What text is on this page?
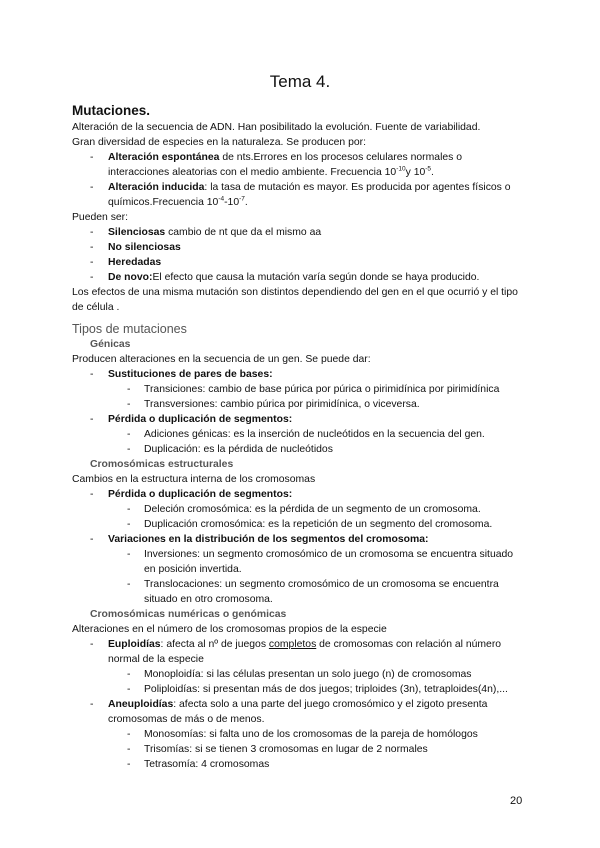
Tema 4.
Mutaciones.
Alteración de la secuencia de ADN. Han posibilitado la evolución. Fuente de variabilidad.
Gran diversidad de especies en la naturaleza. Se producen por:
- Alteración espontánea de nts.Errores en los procesos celulares normales o interacciones aleatorias con el medio ambiente. Frecuencia $10^{-10}y$ $10^{-5}$.
- Alteración inducida: la tasa de mutación es mayor. Es producida por agentes físicos o químicos.Frecuencia $10^{-4}-10^{-7}$.
Pueden ser:
- Silenciosas cambio de nt que da el mismo aa
- No silenciosas
- Heredadas
- De novo:El efecto que causa la mutación varía según donde se haya producido.
Los efectos de una misma mutación son distintos dependiendo del gen en el que ocurrió y el tipo de célula .
Tipos de mutaciones
Génicas
Producen alteraciones en la secuencia de un gen. Se puede dar:
- Sustituciones de pares de bases:
- Transiciones: cambio de base púrica por púrica o pirimidínica por pirimidínica
- Transversiones: cambio púrica por pirimidínica, o viceversa.
- Pérdida o duplicación de segmentos:
- Adiciones génicas: es la inserción de nucleótidos en la secuencia del gen.
- Duplicación: es la pérdida de nucleótidos
Cromosómicas estructurales
Cambios en la estructura interna de los cromosomas
- Pérdida o duplicación de segmentos:
- Deleción cromosómica: es la pérdida de un segmento de un cromosoma.
- Duplicación cromosómica: es la repetición de un segmento del cromosoma.
- Variaciones en la distribución de los segmentos del cromosoma:
- Inversiones: un segmento cromosómico de un cromosoma se encuentra situado en posición invertida.
- Translocaciones: un segmento cromosómico de un cromosoma se encuentra situado en otro cromosoma.
Cromosómicas numéricas o genómicas
Alteraciones en el número de los cromosomas propios de la especie
- Euploidías: afecta al nº de juegos completos de cromosomas con relación al número normal de la especie
- Monoploidía: si las células presentan un solo juego (n) de cromosomas
- Poliploidías: si presentan más de dos juegos; triploides (3n), tetraploides(4n),...
- Aneuploidías: afecta solo a una parte del juego cromosómico y el zigoto presenta cromosomas de más o de menos.
- Monosomías: si falta uno de los cromosomas de la pareja de homólogos
- Trisomías: si se tienen 3 cromosomas en lugar de 2 normales
- Tetrasomía: 4 cromosomas
20
